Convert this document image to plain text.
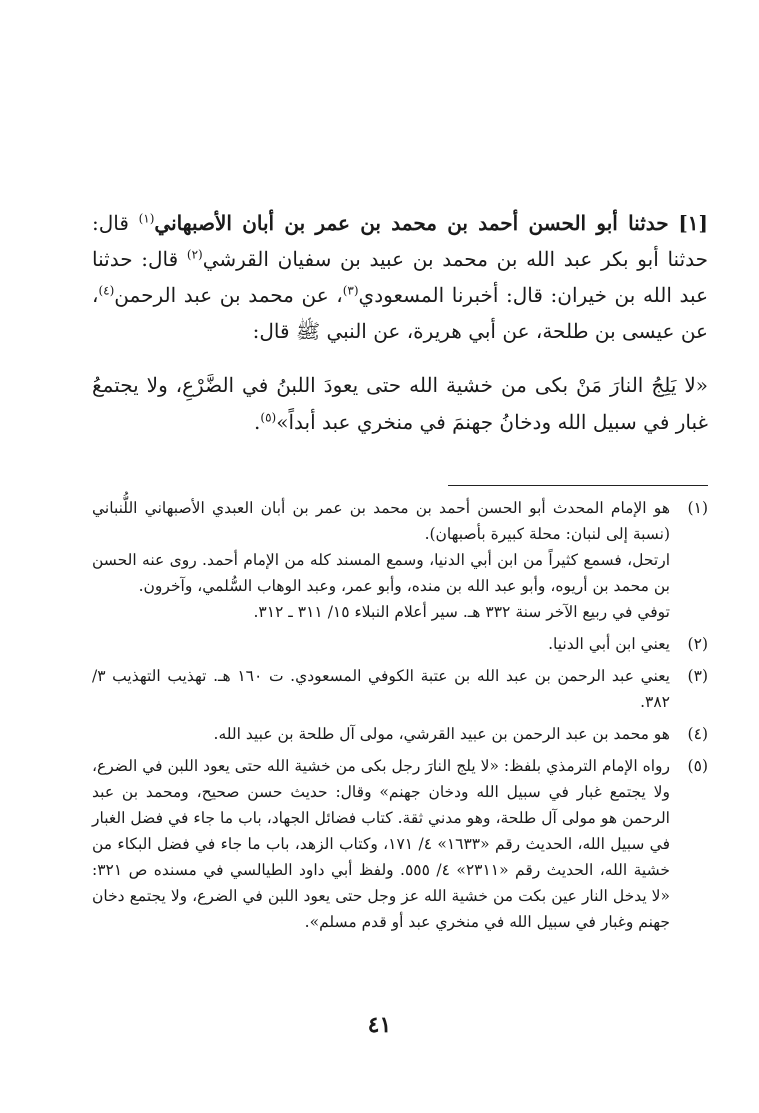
[١] حدثنا أبو الحسن أحمد بن محمد بن عمر بن أبان الأصبهاني$^{(١)}$ قال: حدثنا أبو بكر عبد الله بن محمد بن عبيد بن سفيان القرشي$^{(٢)}$ قال: حدثنا عبد الله بن خيران: قال: أخبرنا المسعودي$^{(٣)}$، عن محمد بن عبد الرحمن$^{(٤)}$، عن عيسى بن طلحة، عن أبي هريرة، عن النبي ﷺ قال:

«لا يَلِجُ النارَ مَنْ بكى من خشية الله حتى يعودَ اللبنُ في الضَّرْعِ، ولا يجتمعُ غبار في سبيل الله ودخانُ جهنمَ في منخري عبد أبداً»$^{(٥)}$.

(١)

هو الإمام المحدث أبو الحسن أحمد بن محمد بن عمر بن أبان العبدي الأصبهاني اللُّنباني (نسبة إلى لنبان: محلة كبيرة بأصبهان).

ارتحل، فسمع كثيراً من ابن أبي الدنيا، وسمع المسند كله من الإمام أحمد. روى عنه الحسن بن محمد بن أريوه، وأبو عبد الله بن منده، وأبو عمر، وعبد الوهاب السُّلمي، وآخرون.

توفي في ربيع الآخر سنة ٣٣٢ هـ. سير أعلام النبلاء ١٥/ ٣١١ ـ ٣١٢.

(٢)

يعني ابن أبي الدنيا.

(٣)

يعني عبد الرحمن بن عبد الله بن عتبة الكوفي المسعودي. ت ١٦٠ هـ. تهذيب التهذيب ٣/ ٣٨٢.

(٤)

هو محمد بن عبد الرحمن بن عبيد القرشي، مولى آل طلحة بن عبيد الله.

(٥)

رواه الإمام الترمذي بلفظ: «لا يلج النارَ رجل بكى من خشية الله حتى يعود اللبن في الضرع، ولا يجتمع غبار في سبيل الله ودخان جهنم» وقال: حديث حسن صحيح، ومحمد بن عبد الرحمن هو مولى آل طلحة، وهو مدني ثقة. كتاب فضائل الجهاد، باب ما جاء في فضل الغبار في سبيل الله، الحديث رقم «١٦٣٣» ٤/ ١٧١، وكتاب الزهد، باب ما جاء في فضل البكاء من خشية الله، الحديث رقم «٢٣١١» ٤/ ٥٥٥. ولفظ أبي داود الطيالسي في مسنده ص ٣٢١: «لا يدخل النار عين بكت من خشية الله عز وجل حتى يعود اللبن في الضرع، ولا يجتمع دخان جهنم وغبار في سبيل الله في منخري عبد أو قدم مسلم».

٤١
